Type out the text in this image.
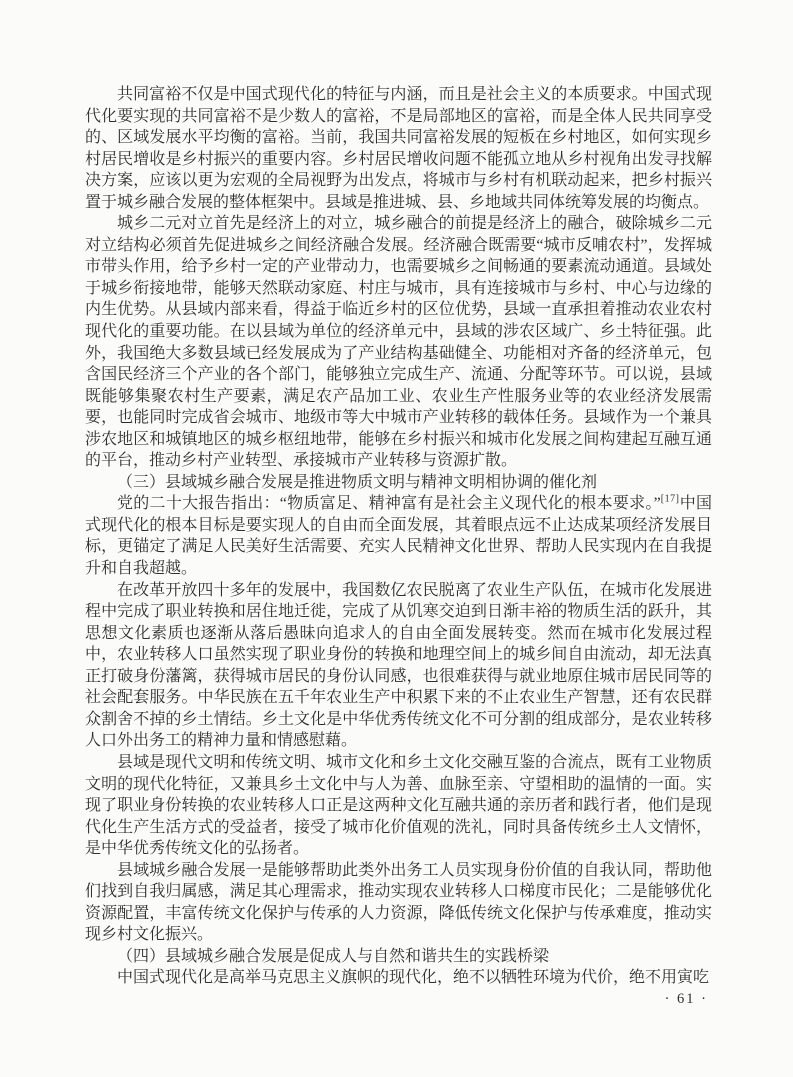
共同富裕不仅是中国式现代化的特征与内涵，而且是社会主义的本质要求。中国式现代化要实现的共同富裕不是少数人的富裕，不是局部地区的富裕，而是全体人民共同享受的、区域发展水平均衡的富裕。当前，我国共同富裕发展的短板在乡村地区，如何实现乡村居民增收是乡村振兴的重要内容。乡村居民增收问题不能孤立地从乡村视角出发寻找解决方案，应该以更为宏观的全局视野为出发点，将城市与乡村有机联动起来，把乡村振兴置于城乡融合发展的整体框架中。县域是推进城、县、乡地域共同体统筹发展的均衡点。

城乡二元对立首先是经济上的对立，城乡融合的前提是经济上的融合，破除城乡二元对立结构必须首先促进城乡之间经济融合发展。经济融合既需要“城市反哺农村”，发挥城市带头作用，给予乡村一定的产业带动力，也需要城乡之间畅通的要素流动通道。县域处于城乡衔接地带，能够天然联动家庭、村庄与城市，具有连接城市与乡村、中心与边缘的内生优势。从县域内部来看，得益于临近乡村的区位优势，县域一直承担着推动农业农村现代化的重要功能。在以县域为单位的经济单元中，县域的涉农区域广、乡土特征强。此外，我国绝大多数县域已经发展成为了产业结构基础健全、功能相对齐备的经济单元，包含国民经济三个产业的各个部门，能够独立完成生产、流通、分配等环节。可以说，县域既能够集聚农村生产要素，满足农产品加工业、农业生产性服务业等的农业经济发展需要，也能同时完成省会城市、地级市等大中城市产业转移的载体任务。县域作为一个兼具涉农地区和城镇地区的城乡枢纽地带，能够在乡村振兴和城市化发展之间构建起互融互通的平台，推动乡村产业转型、承接城市产业转移与资源扩散。

（三）县域城乡融合发展是推进物质文明与精神文明相协调的催化剂

党的二十大报告指出：“物质富足、精神富有是社会主义现代化的根本要求。”[17]中国式现代化的根本目标是要实现人的自由而全面发展，其着眼点远不止达成某项经济发展目标，更锚定了满足人民美好生活需要、充实人民精神文化世界、帮助人民实现内在自我提升和自我超越。

在改革开放四十多年的发展中，我国数亿农民脱离了农业生产队伍，在城市化发展进程中完成了职业转换和居住地迁徙，完成了从饥寒交迫到日渐丰裕的物质生活的跃升，其思想文化素质也逐渐从落后愚昧向追求人的自由全面发展转变。然而在城市化发展过程中，农业转移人口虽然实现了职业身份的转换和地理空间上的城乡间自由流动，却无法真正打破身份藩篱，获得城市居民的身份认同感，也很难获得与就业地原住城市居民同等的社会配套服务。中华民族在五千年农业生产中积累下来的不止农业生产智慧，还有农民群众割舍不掉的乡土情结。乡土文化是中华优秀传统文化不可分割的组成部分，是农业转移人口外出务工的精神力量和情感慰藉。

县域是现代文明和传统文明、城市文化和乡土文化交融互鉴的合流点，既有工业物质文明的现代化特征，又兼具乡土文化中与人为善、血脉至亲、守望相助的温情的一面。实现了职业身份转换的农业转移人口正是这两种文化互融共通的亲历者和践行者，他们是现代化生产生活方式的受益者，接受了城市化价值观的洗礼，同时具备传统乡土人文情怀，是中华优秀传统文化的弘扬者。

县域城乡融合发展一是能够帮助此类外出务工人员实现身份价值的自我认同，帮助他们找到自我归属感，满足其心理需求，推动实现农业转移人口梯度市民化；二是能够优化资源配置，丰富传统文化保护与传承的人力资源，降低传统文化保护与传承难度，推动实现乡村文化振兴。

（四）县域城乡融合发展是促成人与自然和谐共生的实践桥梁

中国式现代化是高举马克思主义旗帜的现代化，绝不以牺牲环境为代价，绝不用寅吃

· 61 ·
